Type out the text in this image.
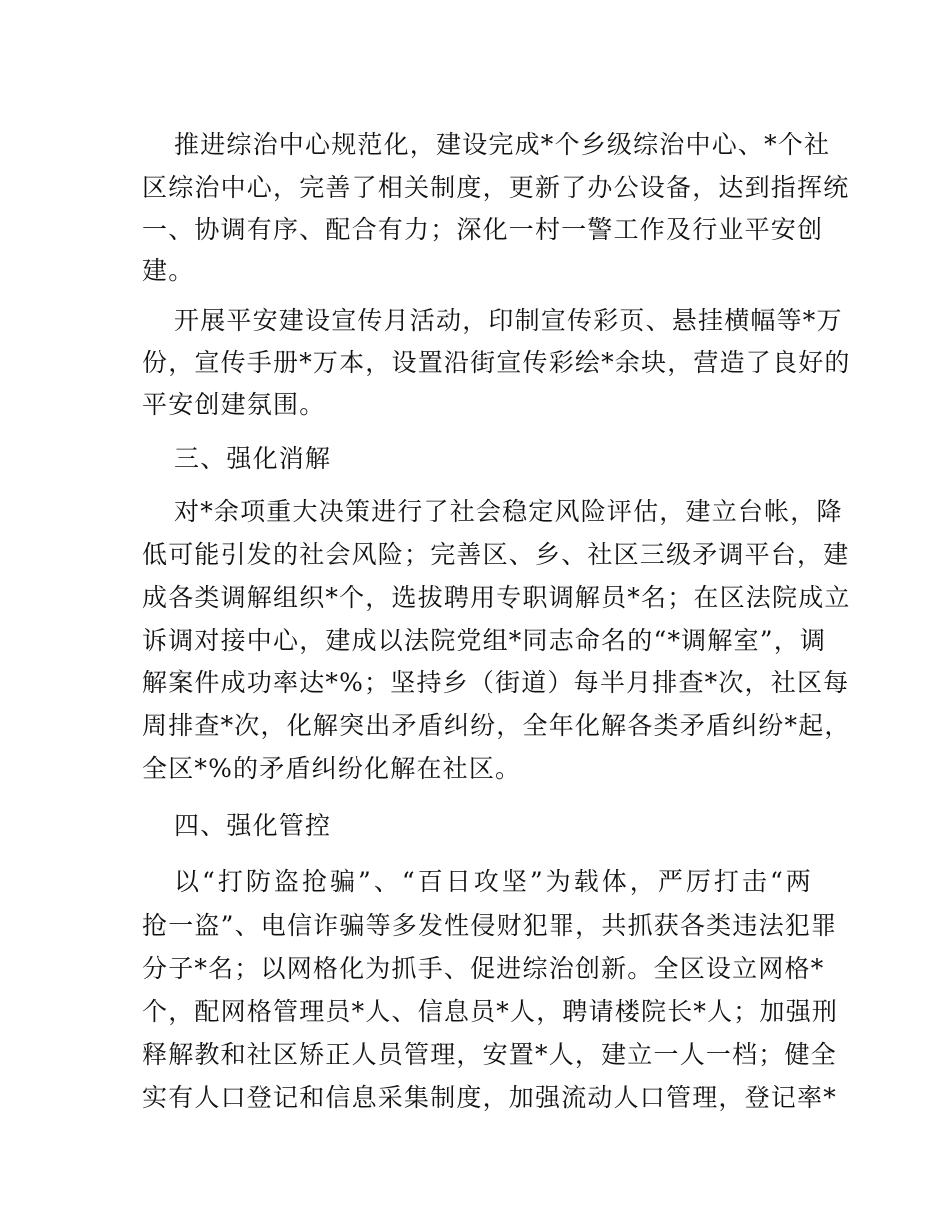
推进综治中心规范化，建设完成*个乡级综治中心、*个社
区综治中心，完善了相关制度，更新了办公设备，达到指挥统
一、协调有序、配合有力；深化一村一警工作及行业平安创
建。
开展平安建设宣传月活动，印制宣传彩页、悬挂横幅等*万
份，宣传手册*万本，设置沿街宣传彩绘*余块，营造了良好的
平安创建氛围。
三、强化消解
对*余项重大决策进行了社会稳定风险评估，建立台帐，降
低可能引发的社会风险；完善区、乡、社区三级矛调平台，建
成各类调解组织*个，选拔聘用专职调解员*名；在区法院成立
诉调对接中心，建成以法院党组*同志命名的“*调解室”，调
解案件成功率达*%；坚持乡（街道）每半月排查*次，社区每
周排查*次，化解突出矛盾纠纷，全年化解各类矛盾纠纷*起，
全区*%的矛盾纠纷化解在社区。
四、强化管控
以“打防盗抢骗”、“百日攻坚”为载体，严厉打击“两
抢一盗”、电信诈骗等多发性侵财犯罪，共抓获各类违法犯罪
分子*名；以网格化为抓手、促进综治创新。全区设立网格*
个，配网格管理员*人、信息员*人，聘请楼院长*人；加强刑
释解教和社区矫正人员管理，安置*人，建立一人一档；健全
实有人口登记和信息采集制度，加强流动人口管理，登记率*
